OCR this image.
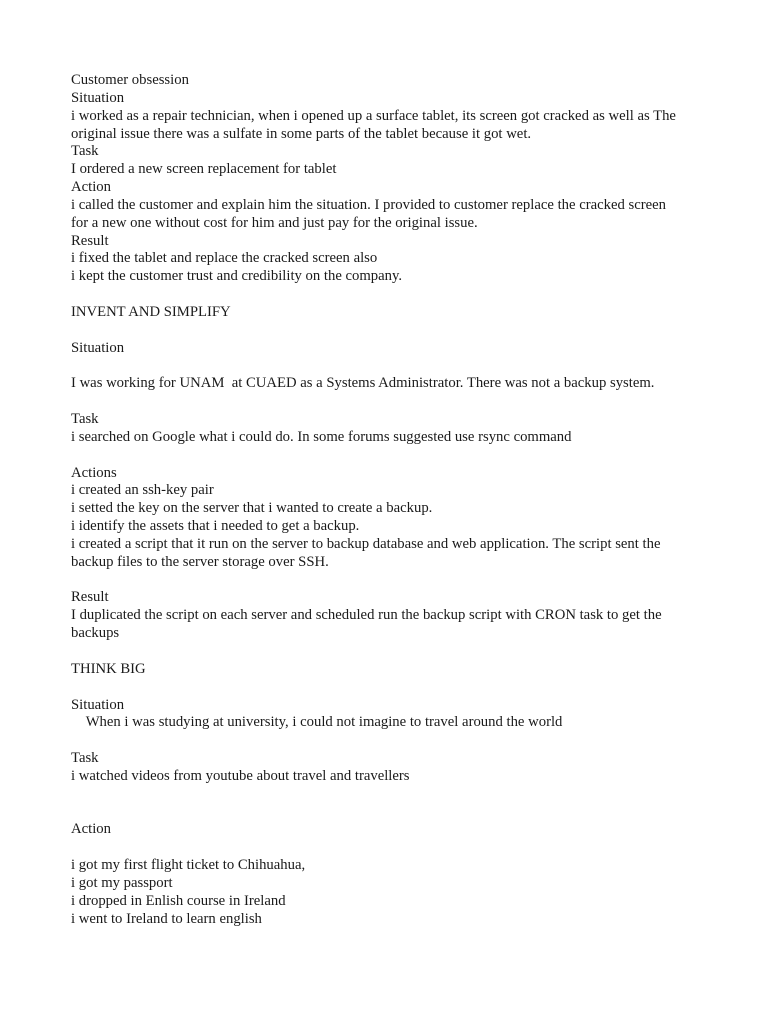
Customer obsession
Situation
i worked as a repair technician, when i opened up a surface tablet, its screen got cracked as well as The
original issue there was a sulfate in some parts of the tablet because it got wet.
Task
I ordered a new screen replacement for tablet
Action
i called the customer and explain him the situation. I provided to customer replace the cracked screen
for a new one without cost for him and just pay for the original issue.
Result
i fixed the tablet and replace the cracked screen also
i kept the customer trust and credibility on the company.
INVENT AND SIMPLIFY
Situation
I was working for UNAM  at CUAED as a Systems Administrator. There was not a backup system.
Task
i searched on Google what i could do. In some forums suggested use rsync command
Actions
i created an ssh-key pair
i setted the key on the server that i wanted to create a backup.
i identify the assets that i needed to get a backup.
i created a script that it run on the server to backup database and web application. The script sent the
backup files to the server storage over SSH.
Result
I duplicated the script on each server and scheduled run the backup script with CRON task to get the
backups
THINK BIG
Situation
When i was studying at university, i could not imagine to travel around the world
Task
i watched videos from youtube about travel and travellers
Action
i got my first flight ticket to Chihuahua,
i got my passport
i dropped in Enlish course in Ireland
i went to Ireland to learn english
